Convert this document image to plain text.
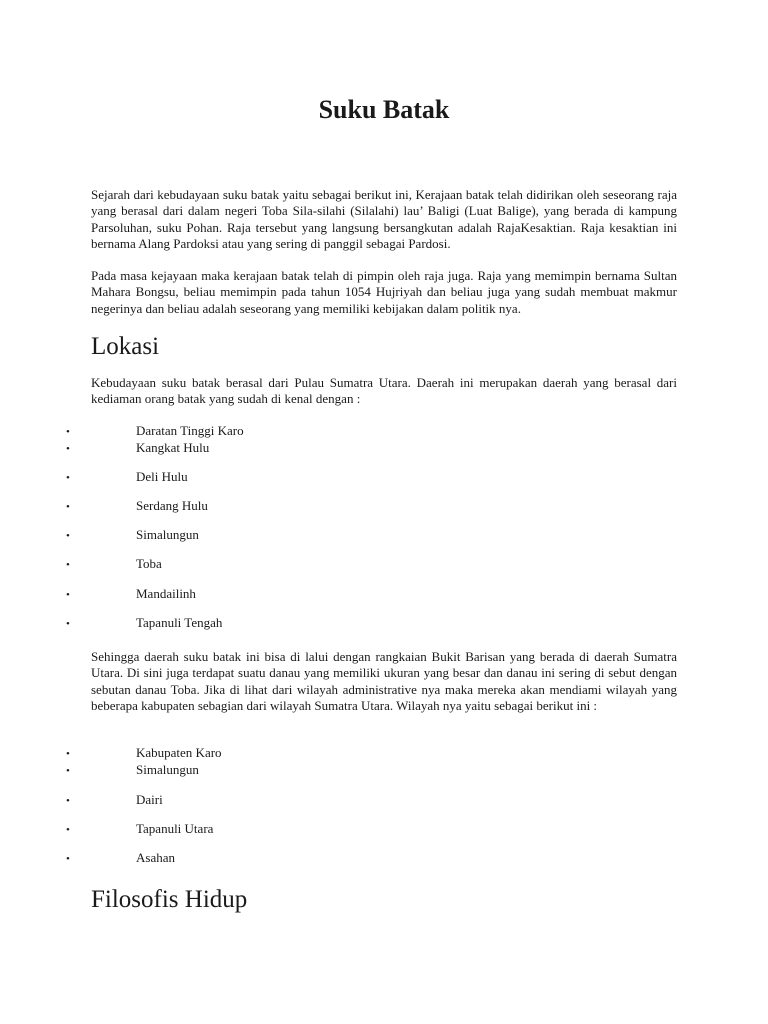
Suku Batak

Sejarah dari kebudayaan suku batak yaitu sebagai berikut ini, Kerajaan batak telah didirikan oleh seseorang raja yang berasal dari dalam negeri Toba Sila-silahi (Silalahi) lau’ Baligi (Luat Balige), yang berada di kampung Parsoluhan, suku Pohan. Raja tersebut yang langsung bersangkutan adalah RajaKesaktian. Raja kesaktian ini bernama Alang Pardoksi atau yang sering di panggil sebagai Pardosi.

Pada masa kejayaan maka kerajaan batak telah di pimpin oleh raja juga. Raja yang memimpin bernama Sultan Mahara Bongsu, beliau memimpin pada tahun 1054 Hujriyah dan beliau juga yang sudah membuat makmur negerinya dan beliau adalah seseorang yang memiliki kebijakan dalam politik nya.

Lokasi

Kebudayaan suku batak berasal dari Pulau Sumatra Utara. Daerah ini merupakan daerah yang berasal dari kediaman orang batak yang sudah di kenal dengan :

•	Daratan Tinggi Karo
•	Kangkat Hulu
•	Deli Hulu
•	Serdang Hulu
•	Simalungun
•	Toba
•	Mandailinh
•	Tapanuli Tengah

Sehingga daerah suku batak ini bisa di lalui dengan rangkaian Bukit Barisan yang berada di daerah Sumatra Utara. Di sini juga terdapat suatu danau yang memiliki ukuran yang besar dan danau ini sering di sebut dengan sebutan danau Toba. Jika di lihat dari wilayah administrative nya maka mereka akan mendiami wilayah yang beberapa kabupaten sebagian dari wilayah Sumatra Utara. Wilayah nya yaitu sebagai berikut ini :

•	Kabupaten Karo
•	Simalungun
•	Dairi
•	Tapanuli Utara
•	Asahan
Filosofis Hidup
